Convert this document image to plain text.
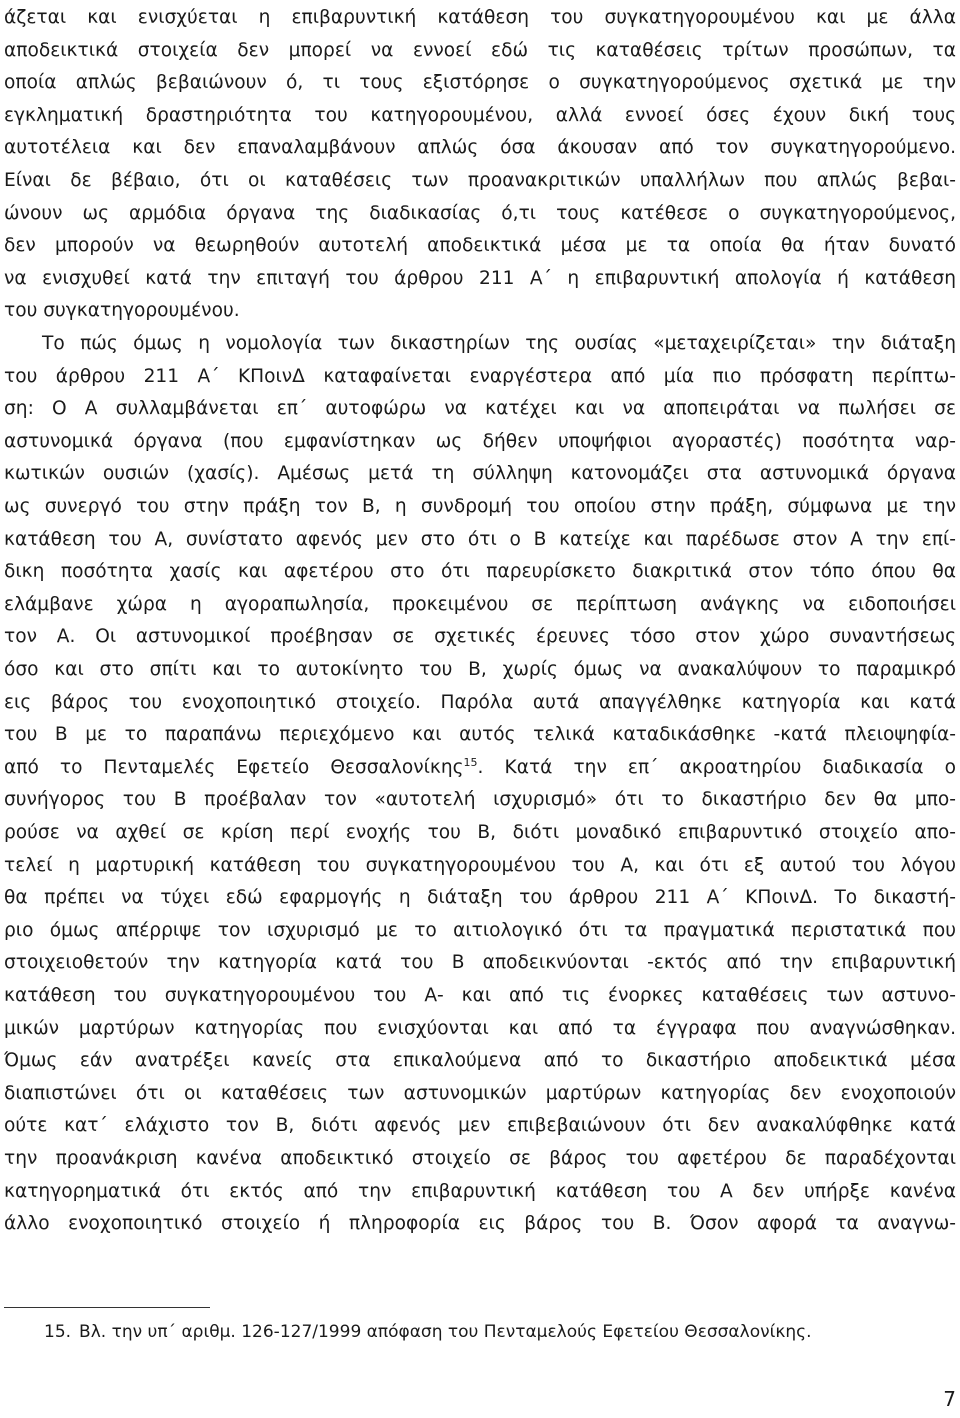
άζεται και ενισχύεται η επιβαρυντική κατάθεση του συγκατηγορουμένου και με άλλα
αποδεικτικά στοιχεία δεν μπορεί να εννοεί εδώ τις καταθέσεις τρίτων προσώπων, τα
οποία απλώς βεβαιώνουν ό, τι τους εξιστόρησε ο συγκατηγορούμενος σχετικά με την
εγκληματική δραστηριότητα του κατηγορουμένου, αλλά εννοεί όσες έχουν δική τους
αυτοτέλεια και δεν επαναλαμβάνουν απλώς όσα άκουσαν από τον συγκατηγορούμενο.
Είναι δε βέβαιο, ότι οι καταθέσεις των προανακριτικών υπαλλήλων που απλώς βεβαι-
ώνουν ως αρμόδια όργανα της διαδικασίας ό,τι τους κατέθεσε ο συγκατηγορούμενος,
δεν μπορούν να θεωρηθούν αυτοτελή αποδεικτικά μέσα με τα οποία θα ήταν δυνατό
να ενισχυθεί κατά την επιταγή του άρθρου 211 Α΄ η επιβαρυντική απολογία ή κατάθεση
του συγκατηγορουμένου.
Το πώς όμως η νομολογία των δικαστηρίων της ουσίας «μεταχειρίζεται» την διάταξη
του άρθρου 211 Α΄ ΚΠοινΔ καταφαίνεται εναργέστερα από μία πιο πρόσφατη περίπτω-
ση: Ο Α συλλαμβάνεται επ΄ αυτοφώρω να κατέχει και να αποπειράται να πωλήσει σε
αστυνομικά όργανα (που εμφανίστηκαν ως δήθεν υποψήφιοι αγοραστές) ποσότητα ναρ-
κωτικών ουσιών (χασίς). Αμέσως μετά τη σύλληψη κατονομάζει στα αστυνομικά όργανα
ως συνεργό του στην πράξη τον Β, η συνδρομή του οποίου στην πράξη, σύμφωνα με την
κατάθεση του Α, συνίστατο αφενός μεν στο ότι ο Β κατείχε και παρέδωσε στον Α την επί-
δικη ποσότητα χασίς και αφετέρου στο ότι παρευρίσκετο διακριτικά στον τόπο όπου θα
ελάμβανε χώρα η αγοραπωλησία, προκειμένου σε περίπτωση ανάγκης να ειδοποιήσει
τον Α. Οι αστυνομικοί προέβησαν σε σχετικές έρευνες τόσο στον χώρο συναντήσεως
όσο και στο σπίτι και το αυτοκίνητο του Β, χωρίς όμως να ανακαλύψουν το παραμικρό
εις βάρος του ενοχοποιητικό στοιχείο. Παρόλα αυτά απαγγέλθηκε κατηγορία και κατά
του Β με το παραπάνω περιεχόμενο και αυτός τελικά καταδικάσθηκε -κατά πλειοψηφία-
από το Πενταμελές Εφετείο Θεσσαλονίκης$^{15}$. Κατά την επ΄ ακροατηρίου διαδικασία ο
συνήγορος του Β προέβαλαν τον «αυτοτελή ισχυρισμό» ότι το δικαστήριο δεν θα μπο-
ρούσε να αχθεί σε κρίση περί ενοχής του Β, διότι μοναδικό επιβαρυντικό στοιχείο απο-
τελεί η μαρτυρική κατάθεση του συγκατηγορουμένου του Α, και ότι εξ αυτού του λόγου
θα πρέπει να τύχει εδώ εφαρμογής η διάταξη του άρθρου 211 Α΄ ΚΠοινΔ. Το δικαστή-
ριο όμως απέρριψε τον ισχυρισμό με το αιτιολογικό ότι τα πραγματικά περιστατικά που
στοιχειοθετούν την κατηγορία κατά του Β αποδεικνύονται -εκτός από την επιβαρυντική
κατάθεση του συγκατηγορουμένου του Α- και από τις ένορκες καταθέσεις των αστυνο-
μικών μαρτύρων κατηγορίας που ενισχύονται και από τα έγγραφα που αναγνώσθηκαν.
Όμως εάν ανατρέξει κανείς στα επικαλούμενα από το δικαστήριο αποδεικτικά μέσα
διαπιστώνει ότι οι καταθέσεις των αστυνομικών μαρτύρων κατηγορίας δεν ενοχοποιούν
ούτε κατ΄ ελάχιστο τον Β, διότι αφενός μεν επιβεβαιώνουν ότι δεν ανακαλύφθηκε κατά
την προανάκριση κανένα αποδεικτικό στοιχείο σε βάρος του αφετέρου δε παραδέχονται
κατηγορηματικά ότι εκτός από την επιβαρυντική κατάθεση του Α δεν υπήρξε κανένα
άλλο ενοχοποιητικό στοιχείο ή πληροφορία εις βάρος του Β. Όσον αφορά τα αναγνω-
15. Βλ. την υπ΄ αριθμ. 126-127/1999 απόφαση του Πενταμελούς Εφετείου Θεσσαλονίκης.
7
